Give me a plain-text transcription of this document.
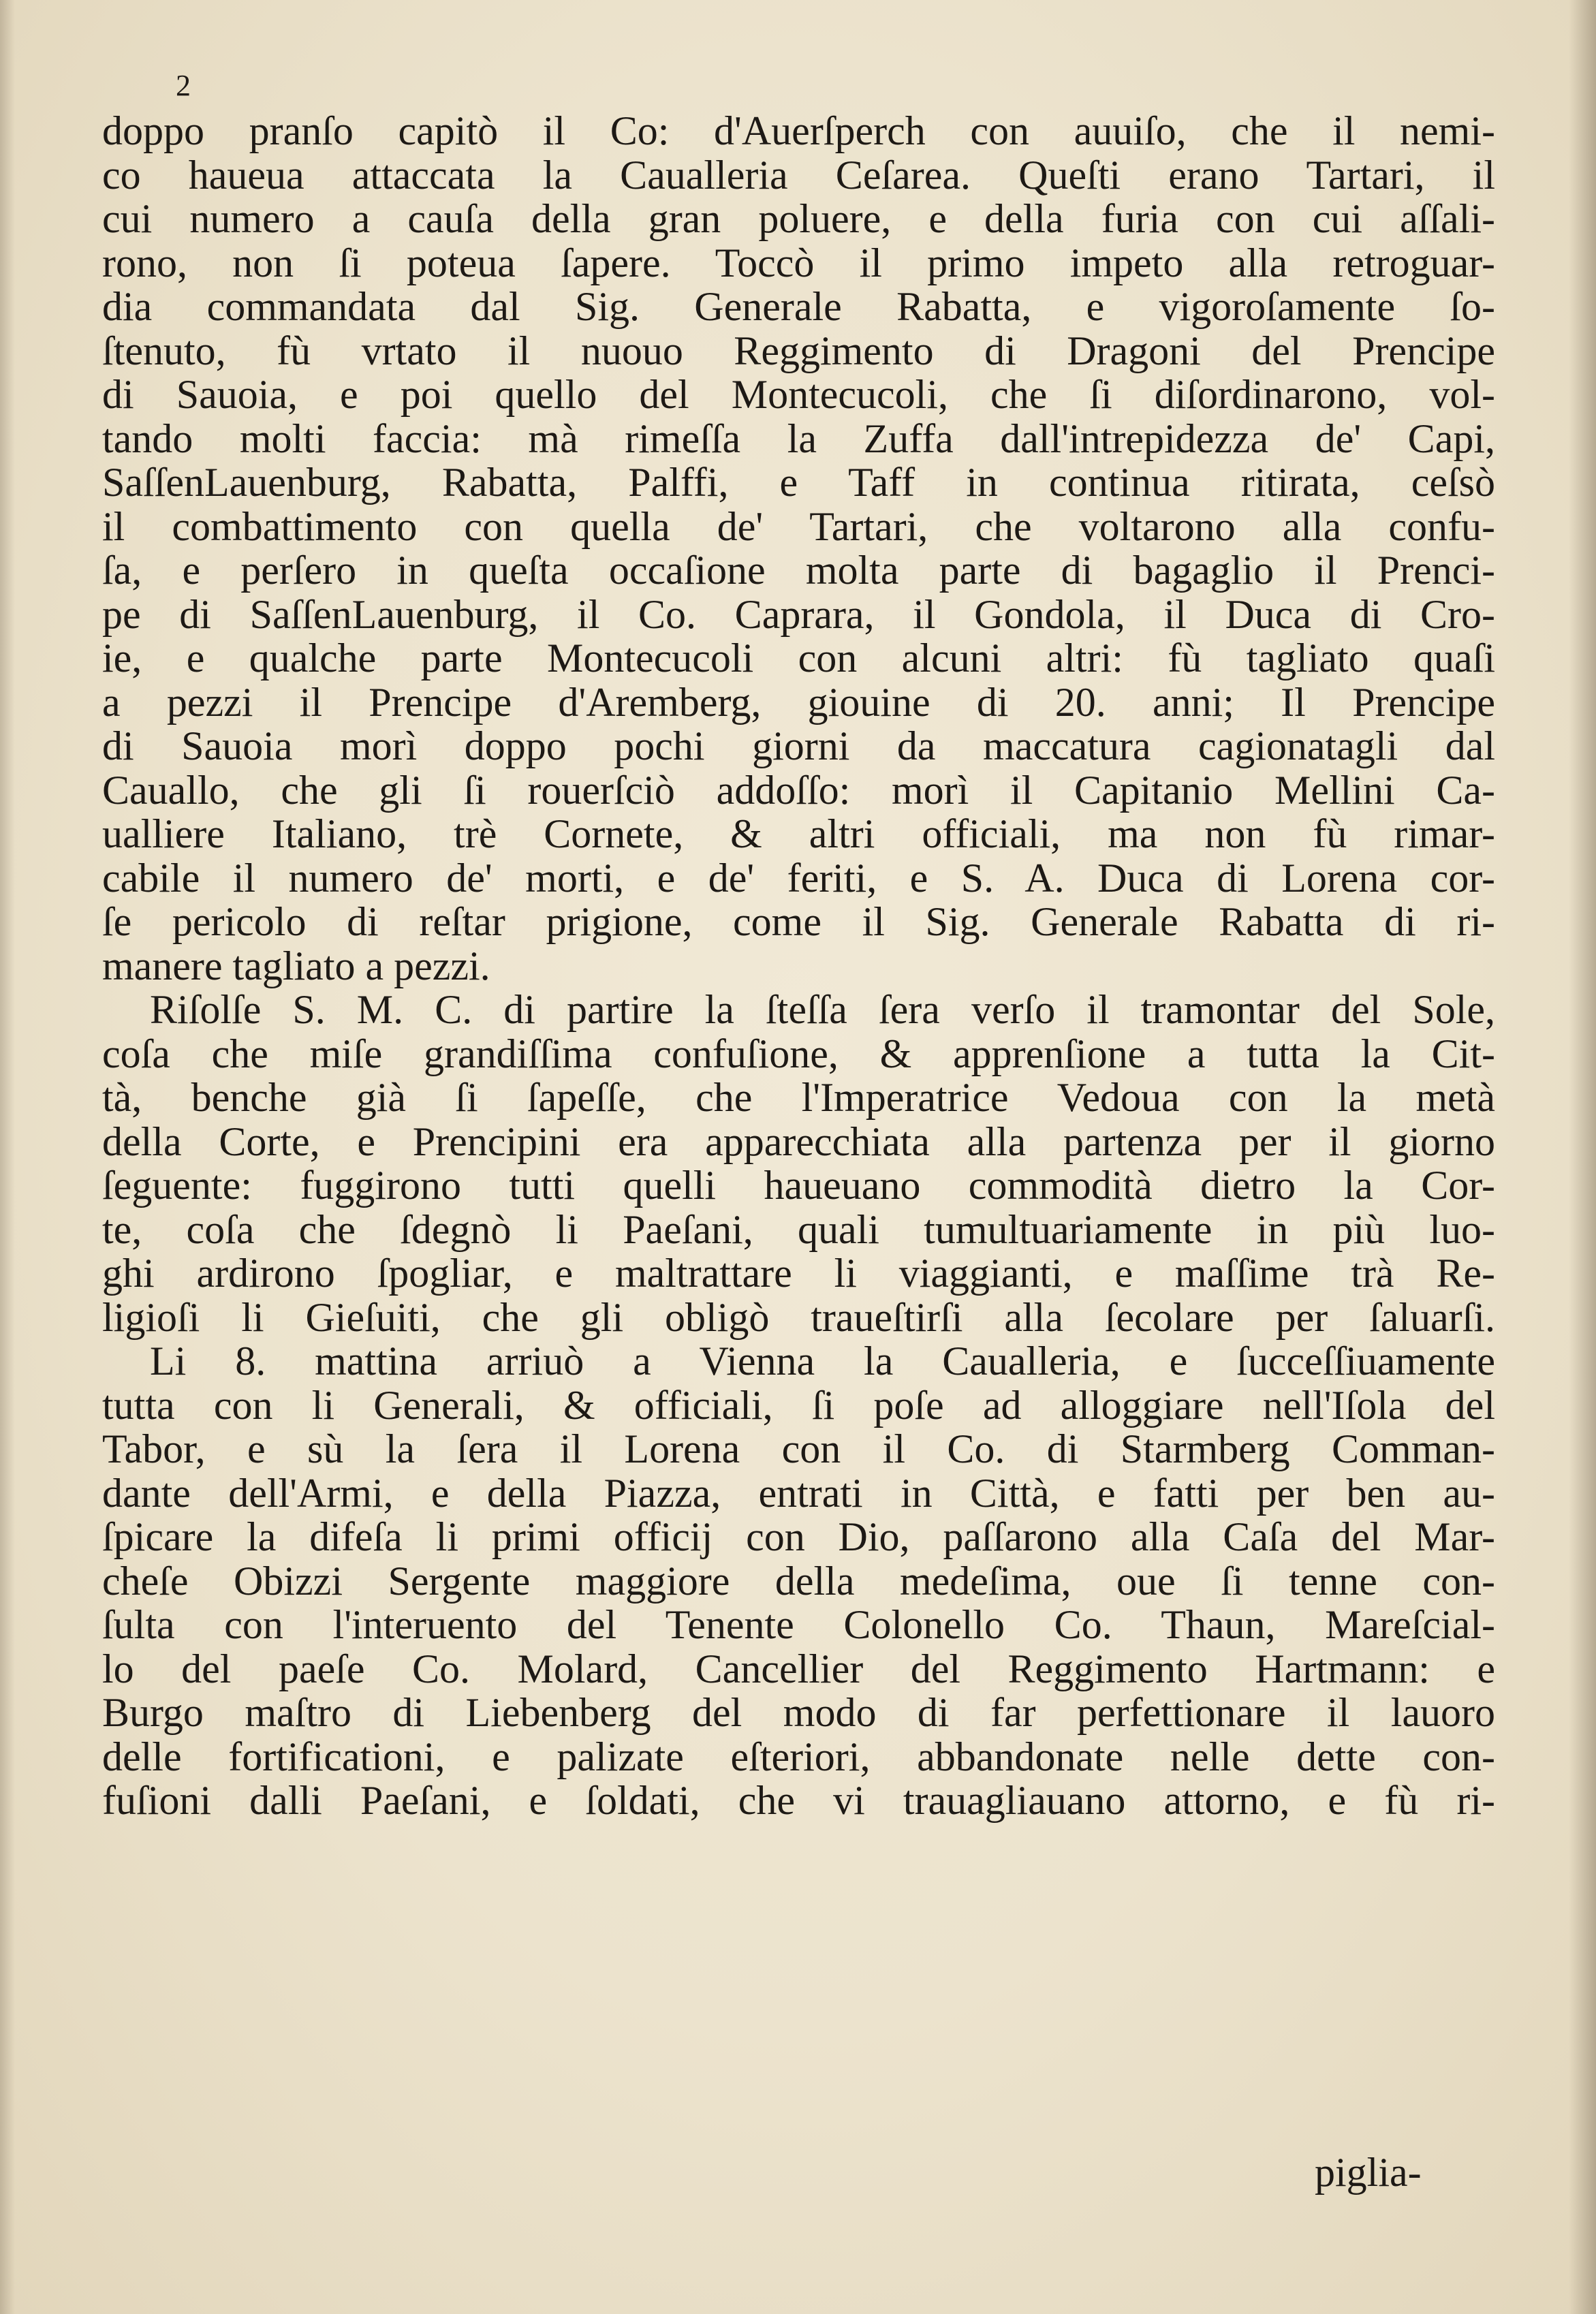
2
doppo pranſo capitò il Co: d'Auerſperch con auuiſo, che il nemi-
co haueua attaccata la Caualleria Ceſarea. Queſti erano Tartari, il
cui numero a cauſa della gran poluere, e della furia con cui aſſali-
rono, non ſi poteua ſapere. Toccò il primo impeto alla retroguar-
dia commandata dal Sig. Generale Rabatta, e vigoroſamente ſo-
ſtenuto, fù vrtato il nuouo Reggimento di Dragoni del Prencipe
di Sauoia, e poi quello del Montecucoli, che ſi diſordinarono, vol-
tando molti faccia: mà rimeſſa la Zuffa dall'intrepidezza de' Capi,
SaſſenLauenburg, Rabatta, Palffi, e Taff in continua ritirata, ceſsò
il combattimento con quella de' Tartari, che voltarono alla confu-
ſa, e perſero in queſta occaſione molta parte di bagaglio il Prenci-
pe di SaſſenLauenburg, il Co. Caprara, il Gondola, il Duca di Cro-
ie, e qualche parte Montecucoli con alcuni altri: fù tagliato quaſi
a pezzi il Prencipe d'Aremberg, giouine di 20. anni; Il Prencipe
di Sauoia morì doppo pochi giorni da maccatura cagionatagli dal
Cauallo, che gli ſi rouerſciò addoſſo: morì il Capitanio Mellini Ca-
ualliere Italiano, trè Cornete, & altri officiali, ma non fù rimar-
cabile il numero de' morti, e de' feriti, e S. A. Duca di Lorena cor-
ſe pericolo di reſtar prigione, come il Sig. Generale Rabatta di ri-
manere tagliato a pezzi.
Riſolſe S. M. C. di partire la ſteſſa ſera verſo il tramontar del Sole,
coſa che miſe grandiſſima confuſione, & apprenſione a tutta la Cit-
tà, benche già ſi ſapeſſe, che l'Imperatrice Vedoua con la metà
della Corte, e Prencipini era apparecchiata alla partenza per il giorno
ſeguente: fuggirono tutti quelli haueuano commodità dietro la Cor-
te, coſa che ſdegnò li Paeſani, quali tumultuariamente in più luo-
ghi ardirono ſpogliar, e maltrattare li viaggianti, e maſſime trà Re-
ligioſi li Gieſuiti, che gli obligò traueſtirſi alla ſecolare per ſaluarſi.
Li 8. mattina arriuò a Vienna la Caualleria, e ſucceſſiuamente
tutta con li Generali, & officiali, ſi poſe ad alloggiare nell'Iſola del
Tabor, e sù la ſera il Lorena con il Co. di Starmberg Comman-
dante dell'Armi, e della Piazza, entrati in Città, e fatti per ben au-
ſpicare la difeſa li primi officij con Dio, paſſarono alla Caſa del Mar-
cheſe Obizzi Sergente maggiore della medeſima, oue ſi tenne con-
ſulta con l'interuento del Tenente Colonello Co. Thaun, Mareſcial-
lo del paeſe Co. Molard, Cancellier del Reggimento Hartmann: e
Burgo maſtro di Liebenberg del modo di far perfettionare il lauoro
delle fortificationi, e palizate eſteriori, abbandonate nelle dette con-
fuſioni dalli Paeſani, e ſoldati, che vi trauagliauano attorno, e fù ri-
piglia-
